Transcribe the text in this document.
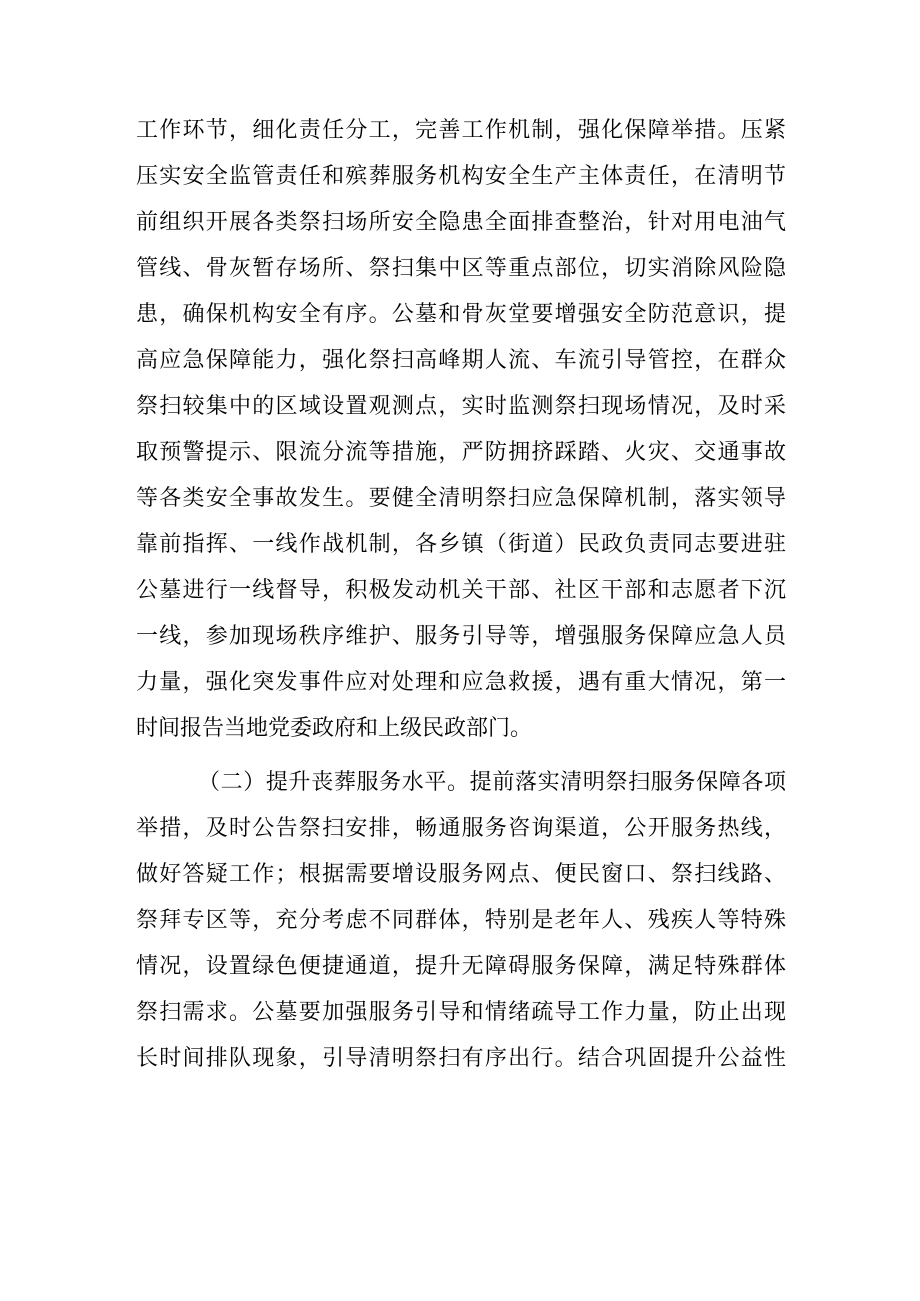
工作环节，细化责任分工，完善工作机制，强化保障举措。压紧
压实安全监管责任和殡葬服务机构安全生产主体责任，在清明节
前组织开展各类祭扫场所安全隐患全面排查整治，针对用电油气
管线、骨灰暂存场所、祭扫集中区等重点部位，切实消除风险隐
患，确保机构安全有序。公墓和骨灰堂要增强安全防范意识，提
高应急保障能力，强化祭扫高峰期人流、车流引导管控，在群众
祭扫较集中的区域设置观测点，实时监测祭扫现场情况，及时采
取预警提示、限流分流等措施，严防拥挤踩踏、火灾、交通事故
等各类安全事故发生。要健全清明祭扫应急保障机制，落实领导
靠前指挥、一线作战机制，各乡镇（街道）民政负责同志要进驻
公墓进行一线督导，积极发动机关干部、社区干部和志愿者下沉
一线，参加现场秩序维护、服务引导等，增强服务保障应急人员
力量，强化突发事件应对处理和应急救援，遇有重大情况，第一
时间报告当地党委政府和上级民政部门。
（二）提升丧葬服务水平。提前落实清明祭扫服务保障各项
举措，及时公告祭扫安排，畅通服务咨询渠道，公开服务热线，
做好答疑工作；根据需要增设服务网点、便民窗口、祭扫线路、
祭拜专区等，充分考虑不同群体，特别是老年人、残疾人等特殊
情况，设置绿色便捷通道，提升无障碍服务保障，满足特殊群体
祭扫需求。公墓要加强服务引导和情绪疏导工作力量，防止出现
长时间排队现象，引导清明祭扫有序出行。结合巩固提升公益性
